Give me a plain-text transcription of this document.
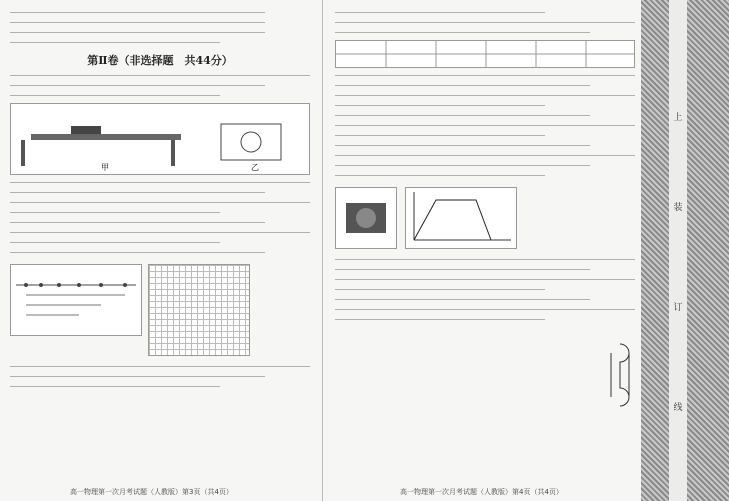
第Ⅱ卷（非选择题　共44分）
甲	乙
高一物理第一次月考试题（人教版）第3页（共4页）	高一物理第一次月考试题（人教版）第4页（共4页）
上
装
订
线
